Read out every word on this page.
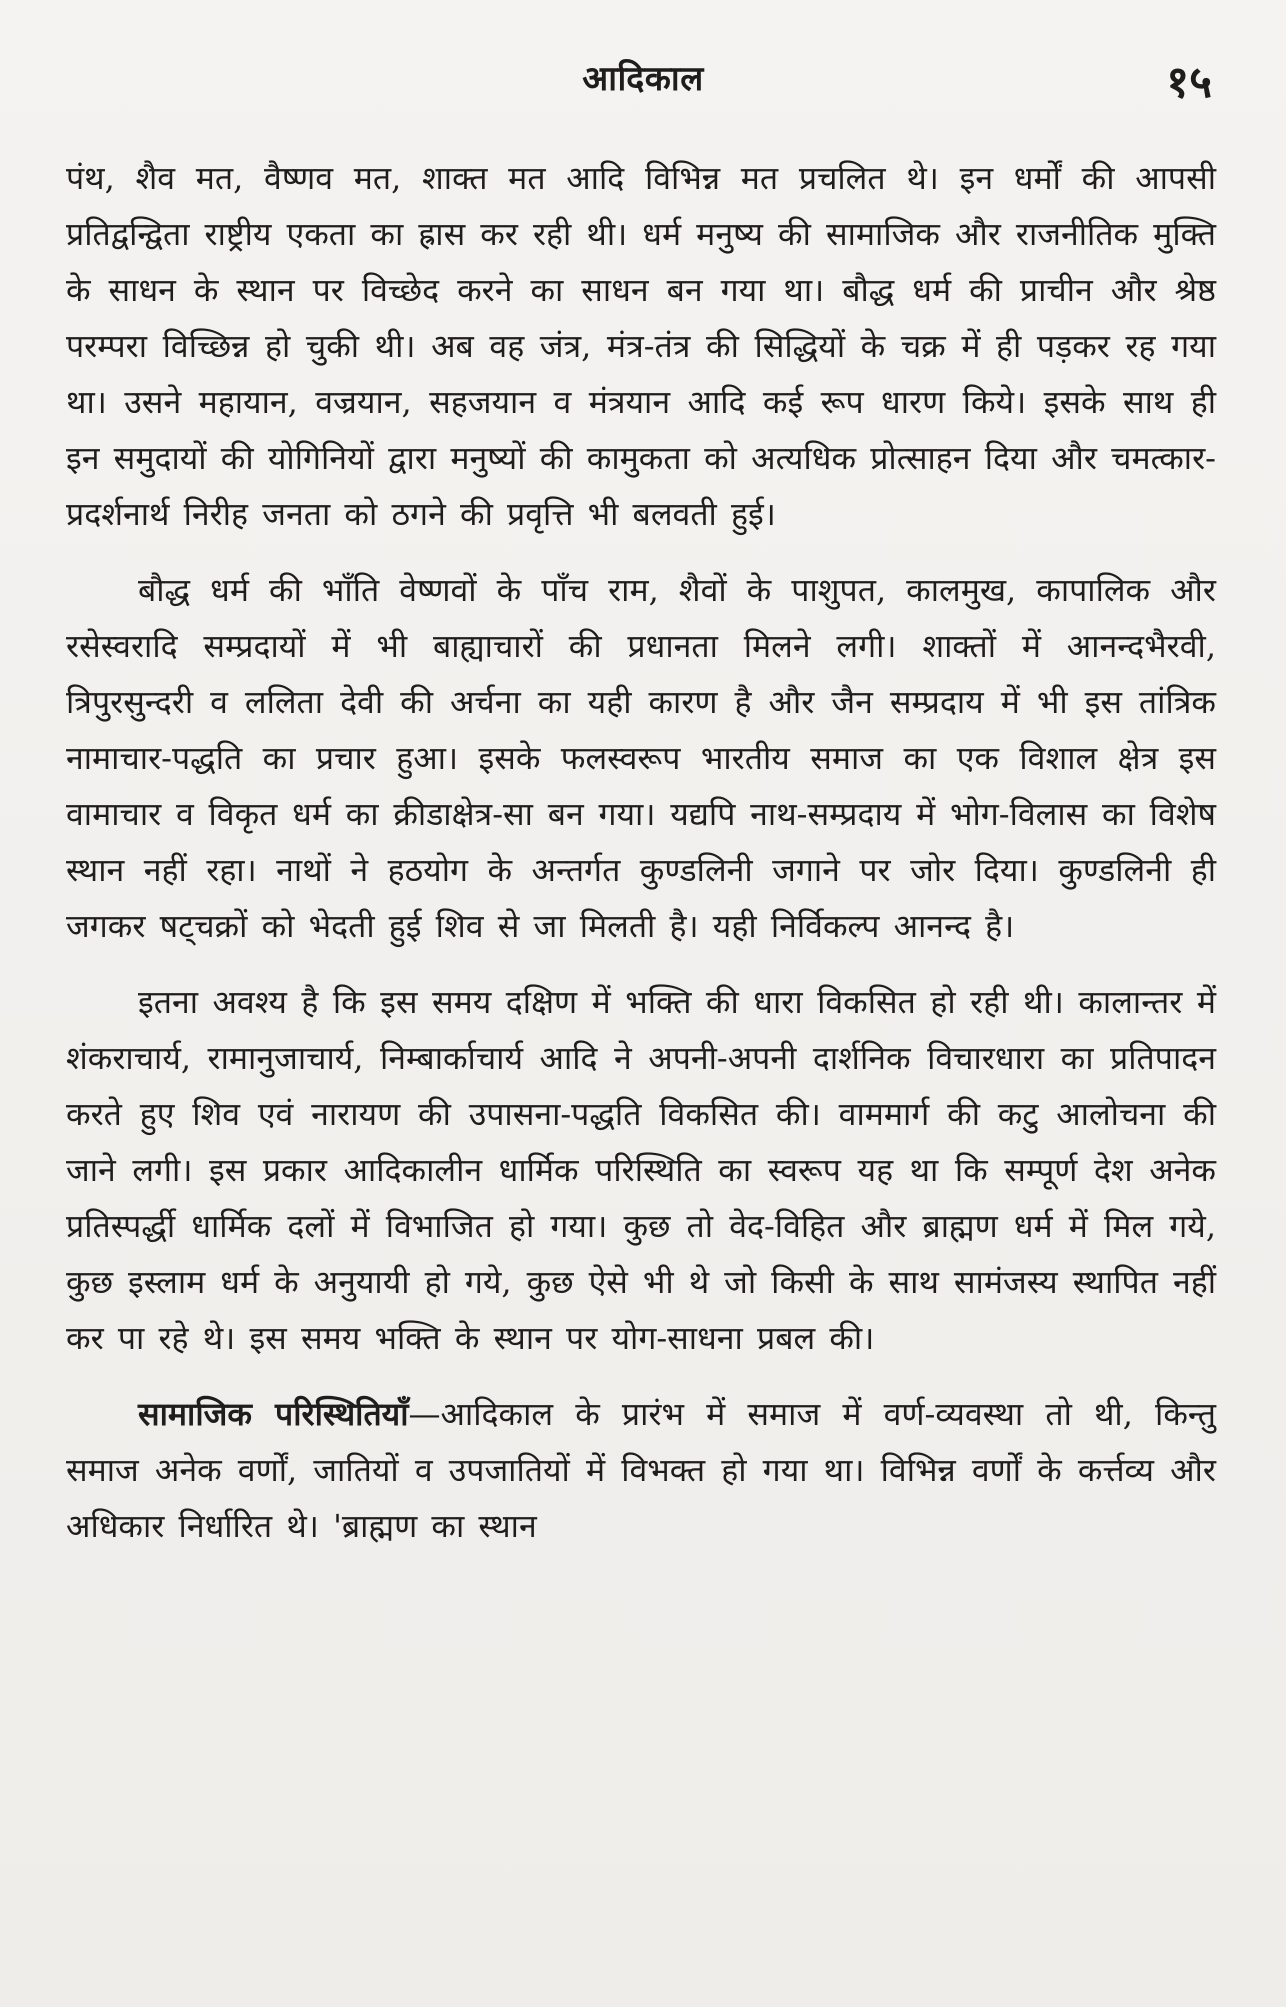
आदिकाल	१५

पंथ, शैव मत, वैष्णव मत, शाक्त मत आदि विभिन्न मत प्रचलित थे। इन धर्मों की आपसी प्रतिद्वन्द्विता राष्ट्रीय एकता का ह्रास कर रही थी। धर्म मनुष्य की सामाजिक और राजनीतिक मुक्ति के साधन के स्थान पर विच्छेद करने का साधन बन गया था। बौद्ध धर्म की प्राचीन और श्रेष्ठ परम्परा विच्छिन्न हो चुकी थी। अब वह जंत्र, मंत्र-तंत्र की सिद्धियों के चक्र में ही पड़कर रह गया था। उसने महायान, वज्रयान, सहजयान व मंत्रयान आदि कई रूप धारण किये। इसके साथ ही इन समुदायों की योगिनियों द्वारा मनुष्यों की कामुकता को अत्यधिक प्रोत्साहन दिया और चमत्कार-प्रदर्शनार्थ निरीह जनता को ठगने की प्रवृत्ति भी बलवती हुई।

बौद्ध धर्म की भाँति वेष्णवों के पाँच राम, शैवों के पाशुपत, कालमुख, कापालिक और रसेस्वरादि सम्प्रदायों में भी बाह्याचारों की प्रधानता मिलने लगी। शाक्तों में आनन्दभैरवी, त्रिपुरसुन्दरी व ललिता देवी की अर्चना का यही कारण है और जैन सम्प्रदाय में भी इस तांत्रिक नामाचार-पद्धति का प्रचार हुआ। इसके फलस्वरूप भारतीय समाज का एक विशाल क्षेत्र इस वामाचार व विकृत धर्म का क्रीडाक्षेत्र-सा बन गया। यद्यपि नाथ-सम्प्रदाय में भोग-विलास का विशेष स्थान नहीं रहा। नाथों ने हठयोग के अन्तर्गत कुण्डलिनी जगाने पर जोर दिया। कुण्डलिनी ही जगकर षट्चक्रों को भेदती हुई शिव से जा मिलती है। यही निर्विकल्प आनन्द है।

इतना अवश्य है कि इस समय दक्षिण में भक्ति की धारा विकसित हो रही थी। कालान्तर में शंकराचार्य, रामानुजाचार्य, निम्बार्काचार्य आदि ने अपनी-अपनी दार्शनिक विचारधारा का प्रतिपादन करते हुए शिव एवं नारायण की उपासना-पद्धति विकसित की। वाममार्ग की कटु आलोचना की जाने लगी। इस प्रकार आदिकालीन धार्मिक परिस्थिति का स्वरूप यह था कि सम्पूर्ण देश अनेक प्रतिस्पर्द्धी धार्मिक दलों में विभाजित हो गया। कुछ तो वेद-विहित और ब्राह्मण धर्म में मिल गये, कुछ इस्लाम धर्म के अनुयायी हो गये, कुछ ऐसे भी थे जो किसी के साथ सामंजस्य स्थापित नहीं कर पा रहे थे। इस समय भक्ति के स्थान पर योग-साधना प्रबल की।

सामाजिक परिस्थितियाँ—आदिकाल के प्रारंभ में समाज में वर्ण-व्यवस्था तो थी, किन्तु समाज अनेक वर्णों, जातियों व उपजातियों में विभक्त हो गया था। विभिन्न वर्णों के कर्त्तव्य और अधिकार निर्धारित थे। 'ब्राह्मण का स्थान
